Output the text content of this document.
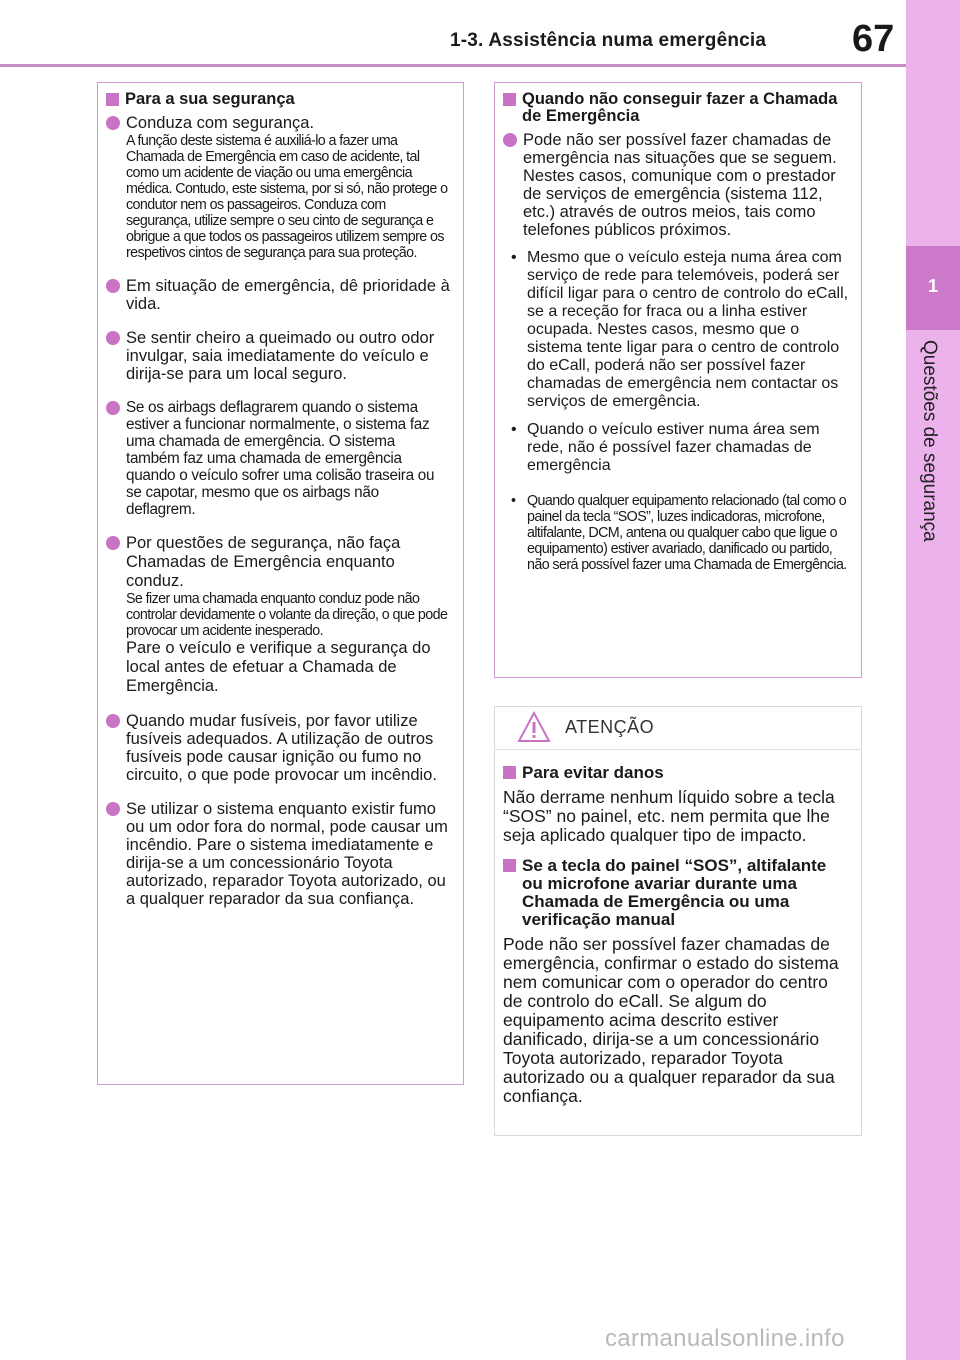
1-3. Assistência numa emergência 67
1
Questões de segurança
Para a sua segurança
Conduza com segurança.
A função deste sistema é auxiliá-lo a fazer uma Chamada de Emergência em caso de acidente, tal como um acidente de viação ou uma emergência médica. Contudo, este sistema, por si só, não protege o condutor nem os passageiros. Conduza com segurança, utilize sempre o seu cinto de segurança e obrigue a que todos os passageiros utilizem sempre os respetivos cintos de segurança para sua proteção.
Em situação de emergência, dê prioridade à vida.
Se sentir cheiro a queimado ou outro odor invulgar, saia imediatamente do veículo e dirija-se para um local seguro.
Se os airbags deflagrarem quando o sistema estiver a funcionar normalmente, o sistema faz uma chamada de emergência. O sistema também faz uma chamada de emergência quando o veículo sofrer uma colisão traseira ou se capotar, mesmo que os airbags não deflagrem.
Por questões de segurança, não faça Chamadas de Emergência enquanto conduz.
Se fizer uma chamada enquanto conduz pode não controlar devidamente o volante da direção, o que pode provocar um acidente inesperado.
Pare o veículo e verifique a segurança do local antes de efetuar a Chamada de Emergência.
Quando mudar fusíveis, por favor utilize fusíveis adequados. A utilização de outros fusíveis pode causar ignição ou fumo no circuito, o que pode provocar um incêndio.
Se utilizar o sistema enquanto existir fumo ou um odor fora do normal, pode causar um incêndio. Pare o sistema imediatamente e dirija-se a um concessionário Toyota autorizado, reparador Toyota autorizado, ou a qualquer reparador da sua confiança.
Quando não conseguir fazer a Chamada de Emergência
Pode não ser possível fazer chamadas de emergência nas situações que se seguem. Nestes casos, comunique com o prestador de serviços de emergência (sistema 112, etc.) através de outros meios, tais como telefones públicos próximos.
• Mesmo que o veículo esteja numa área com serviço de rede para telemóveis, poderá ser difícil ligar para o centro de controlo do eCall, se a receção for fraca ou a linha estiver ocupada. Nestes casos, mesmo que o sistema tente ligar para o centro de controlo do eCall, poderá não ser possível fazer chamadas de emergência nem contactar os serviços de emergência.
• Quando o veículo estiver numa área sem rede, não é possível fazer chamadas de emergência
• Quando qualquer equipamento relacionado (tal como o painel da tecla “SOS”, luzes indicadoras, microfone, altifalante, DCM, antena ou qualquer cabo que ligue o equipamento) estiver avariado, danificado ou partido, não será possível fazer uma Chamada de Emergência.
ATENÇÃO
Para evitar danos
Não derrame nenhum líquido sobre a tecla “SOS” no painel, etc. nem permita que lhe seja aplicado qualquer tipo de impacto.
Se a tecla do painel “SOS”, altifalante ou microfone avariar durante uma Chamada de Emergência ou uma verificação manual
Pode não ser possível fazer chamadas de emergência, confirmar o estado do sistema nem comunicar com o operador do centro de controlo do eCall. Se algum do equipamento acima descrito estiver danificado, dirija-se a um concessionário Toyota autorizado, reparador Toyota autorizado ou a qualquer reparador da sua confiança.
carmanualsonline.info
